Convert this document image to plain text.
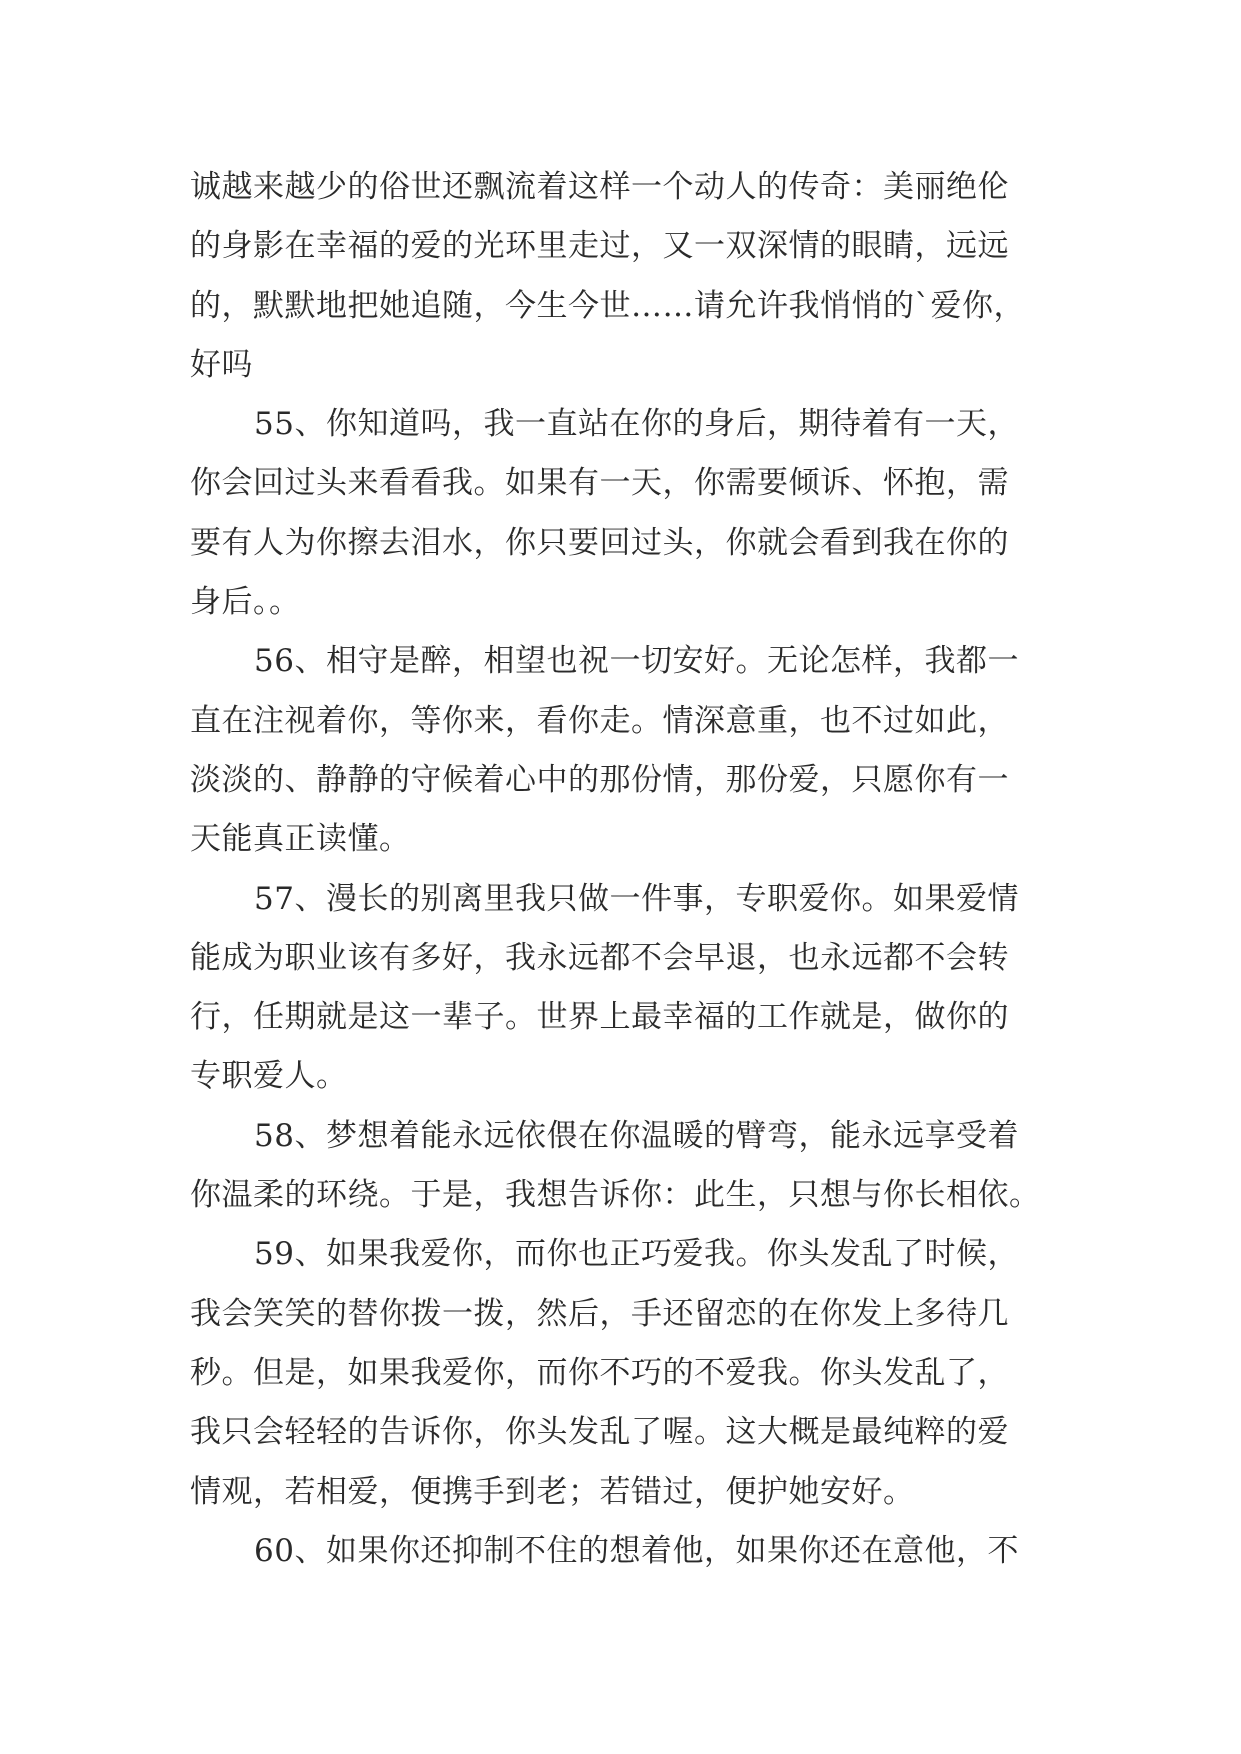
诚越来越少的俗世还飘流着这样一个动人的传奇：美丽绝伦
的身影在幸福的爱的光环里走过，又一双深情的眼睛，远远
的，默默地把她追随，今生今世……请允许我悄悄的`爱你，
好吗
55、你知道吗，我一直站在你的身后，期待着有一天，
你会回过头来看看我。如果有一天，你需要倾诉、怀抱，需
要有人为你擦去泪水，你只要回过头，你就会看到我在你的
身后。。
56、相守是醉，相望也祝一切安好。无论怎样，我都一
直在注视着你，等你来，看你走。情深意重，也不过如此，
淡淡的、静静的守候着心中的那份情，那份爱，只愿你有一
天能真正读懂。
57、漫长的别离里我只做一件事，专职爱你。如果爱情
能成为职业该有多好，我永远都不会早退，也永远都不会转
行，任期就是这一辈子。世界上最幸福的工作就是，做你的
专职爱人。
58、梦想着能永远依偎在你温暖的臂弯，能永远享受着
你温柔的环绕。于是，我想告诉你：此生，只想与你长相依。
59、如果我爱你，而你也正巧爱我。你头发乱了时候，
我会笑笑的替你拨一拨，然后，手还留恋的在你发上多待几
秒。但是，如果我爱你，而你不巧的不爱我。你头发乱了，
我只会轻轻的告诉你，你头发乱了喔。这大概是最纯粹的爱
情观，若相爱，便携手到老；若错过，便护她安好。
60、如果你还抑制不住的想着他，如果你还在意他，不
